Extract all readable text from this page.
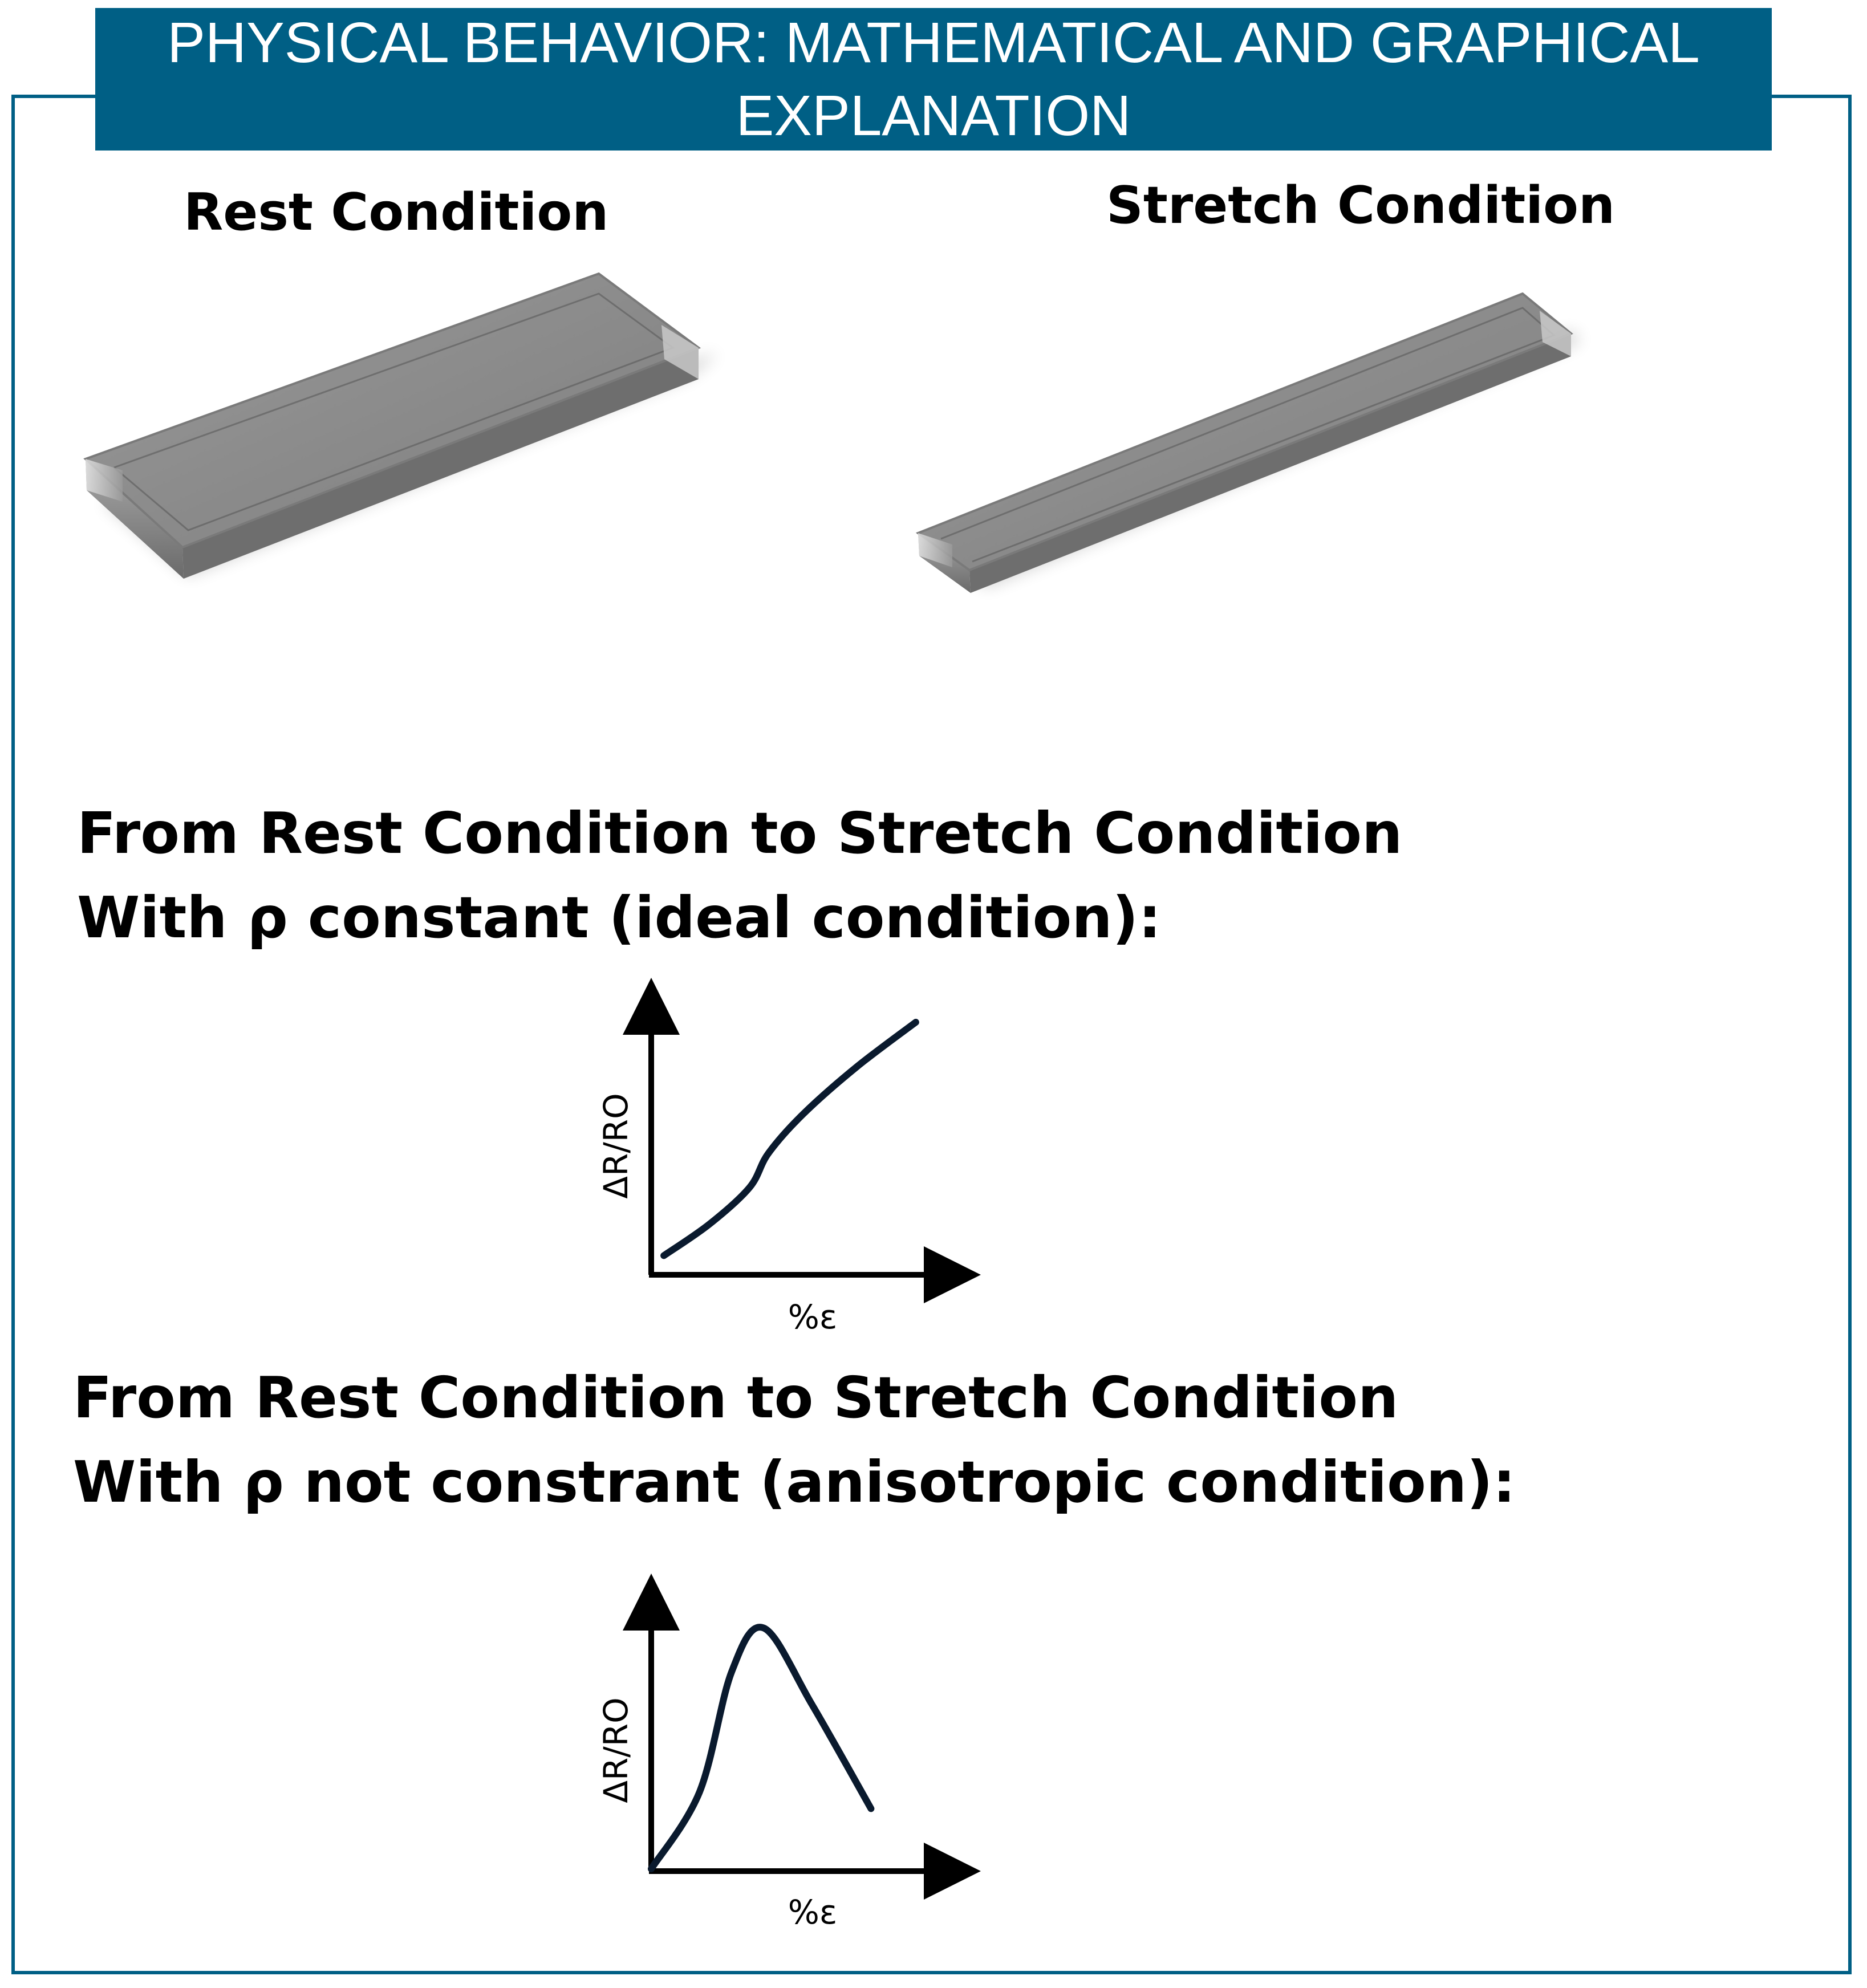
PHYSICAL BEHAVIOR: MATHEMATICAL AND GRAPHICAL
EXPLANATION
Rest Condition	Stretch Condition
From Rest Condition to Stretch Condition
With ρ constant (ideal condition):
From Rest Condition to Stretch Condition
With ρ not constrant (anisotropic condition):
ΔR/RO
%ε
ΔR/RO
%ε
